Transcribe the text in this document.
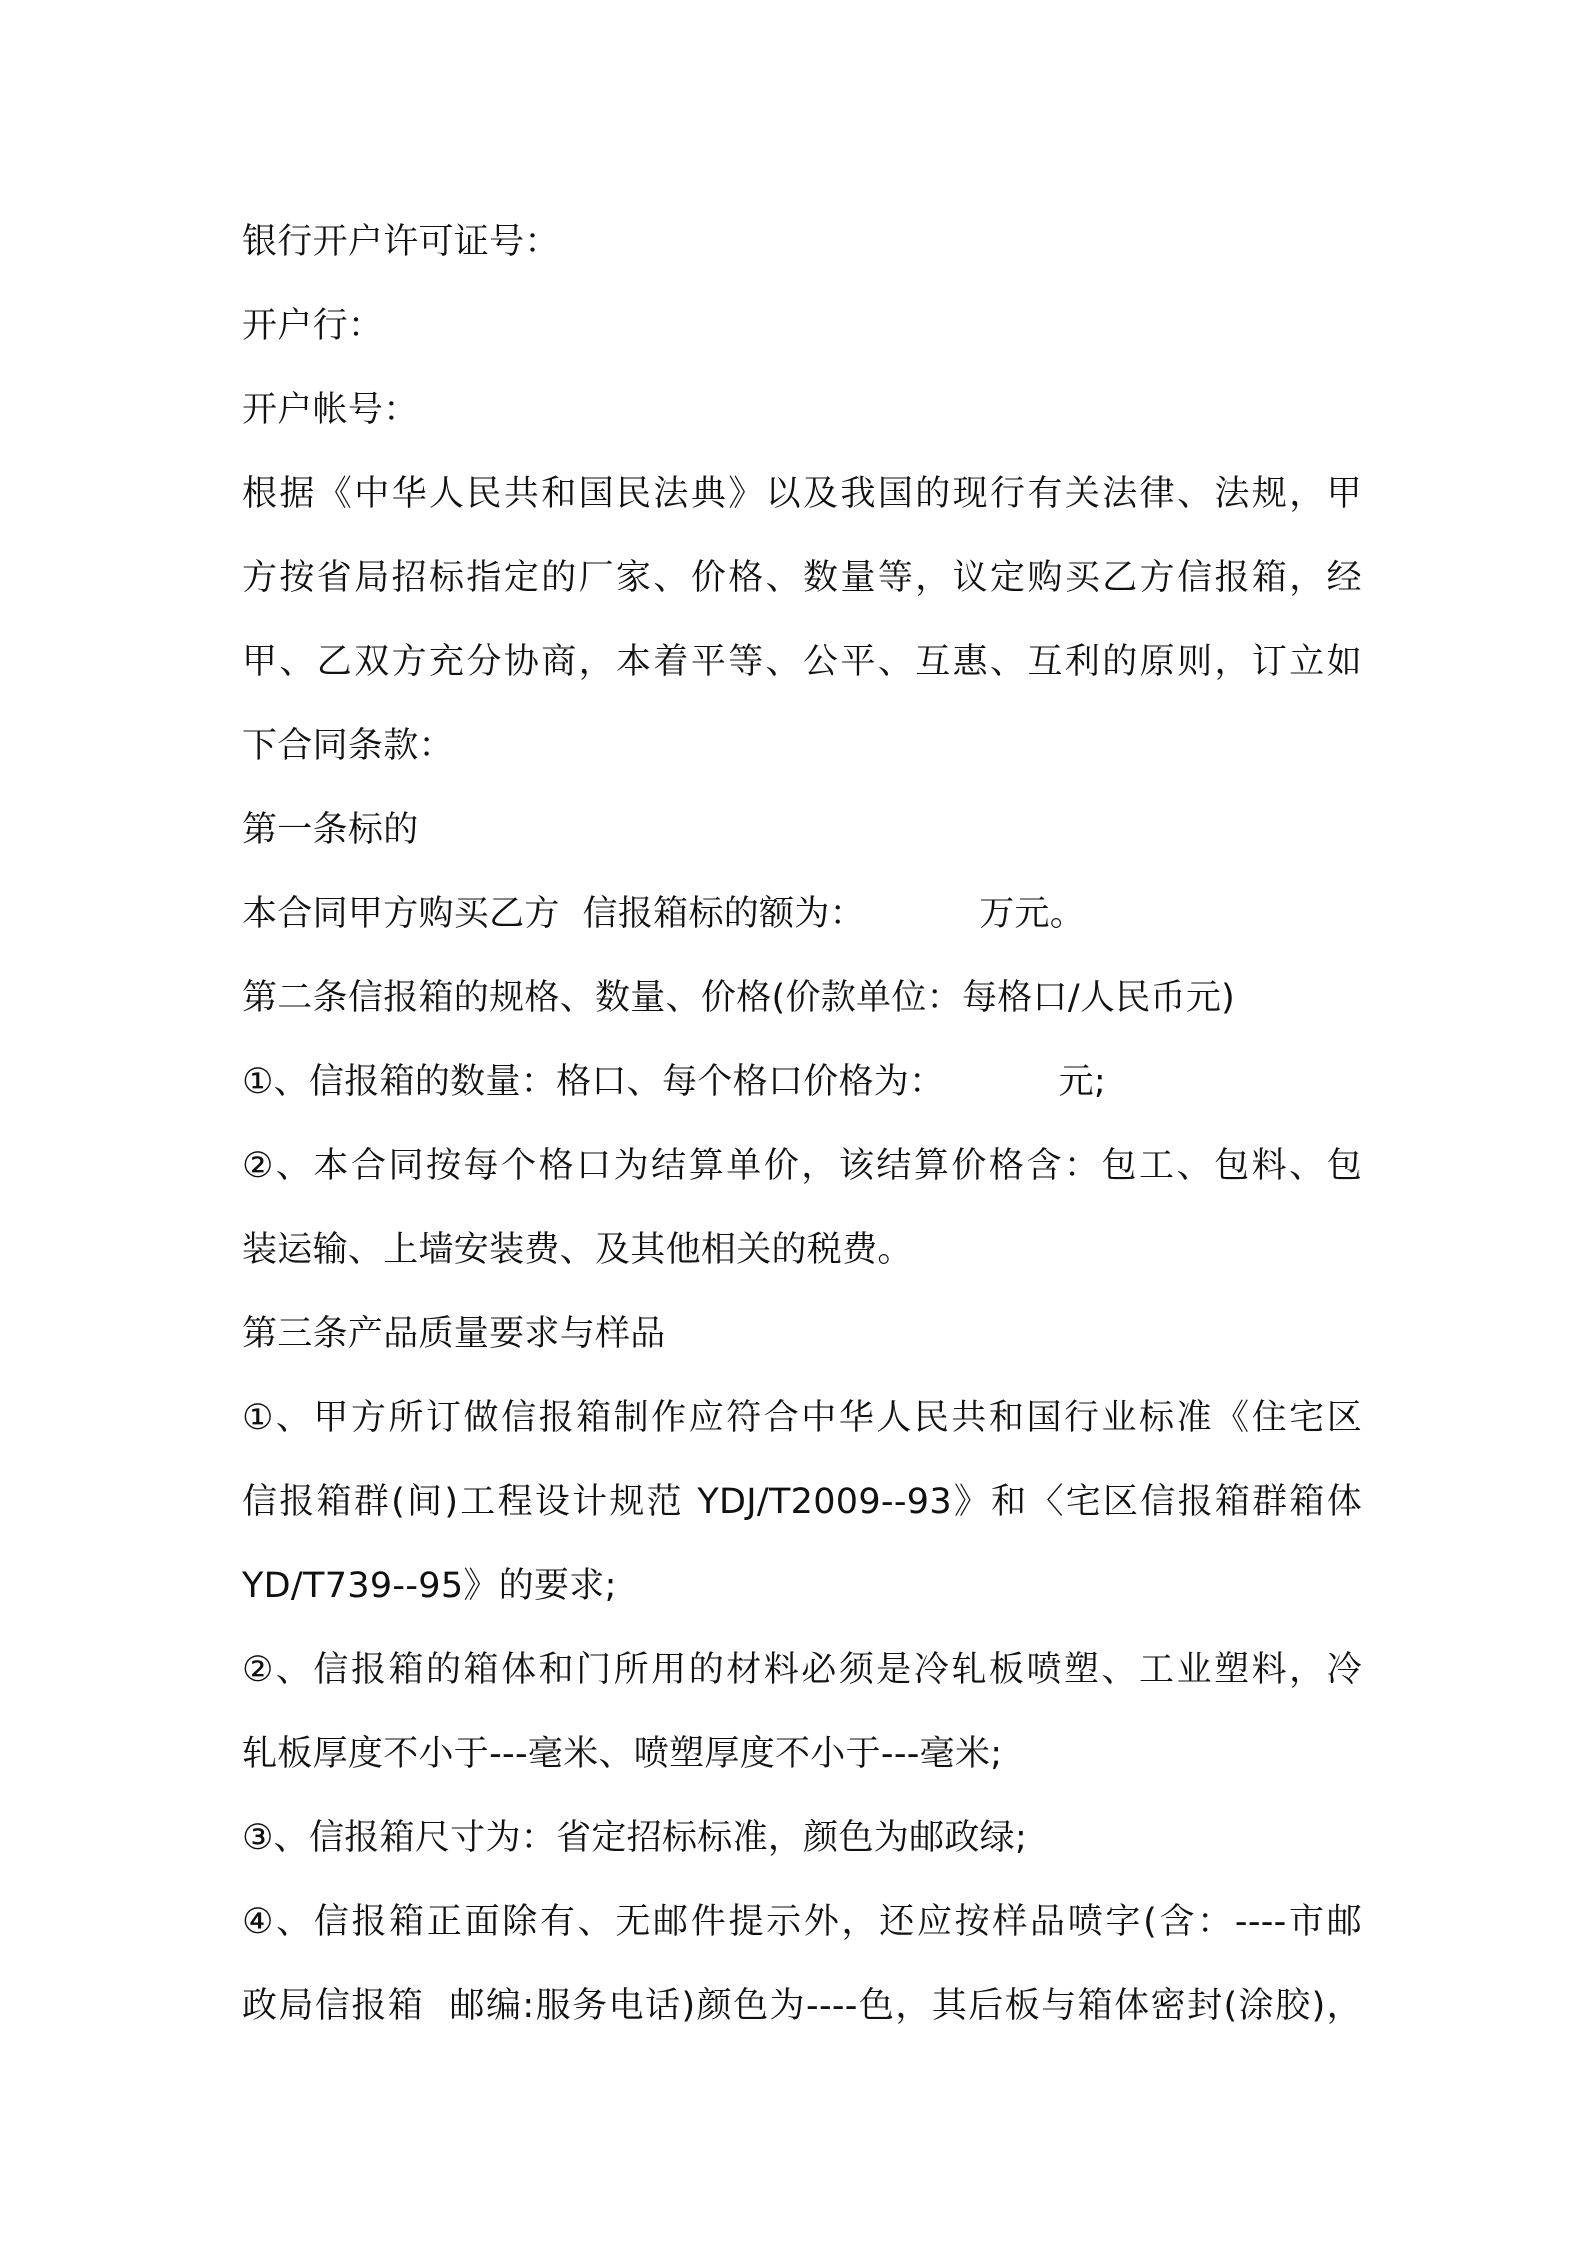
银行开户许可证号：
开户行：
开户帐号：
根据《中华人民共和国民法典》以及我国的现行有关法律、法规，甲
方按省局招标指定的厂家、价格、数量等，议定购买乙方信报箱，经
甲、乙双方充分协商，本着平等、公平、互惠、互利的原则，订立如
下合同条款：
第一条标的
本合同甲方购买乙方  信报箱标的额为：          万元。
第二条信报箱的规格、数量、价格(价款单位：每格口/人民币元)
①、信报箱的数量：格口、每个格口价格为：          元;
②、本合同按每个格口为结算单价，该结算价格含：包工、包料、包
装运输、上墙安装费、及其他相关的税费。
第三条产品质量要求与样品
①、甲方所订做信报箱制作应符合中华人民共和国行业标准《住宅区
信报箱群(间)工程设计规范 YDJ/T2009--93》和〈宅区信报箱群箱体
YD/T739--95》的要求;
②、信报箱的箱体和门所用的材料必须是冷轧板喷塑、工业塑料，冷
轧板厚度不小于---毫米、喷塑厚度不小于---毫米;
③、信报箱尺寸为：省定招标标准，颜色为邮政绿;
④、信报箱正面除有、无邮件提示外，还应按样品喷字(含：----市邮
政局信报箱  邮编:服务电话)颜色为----色，其后板与箱体密封(涂胶)，
